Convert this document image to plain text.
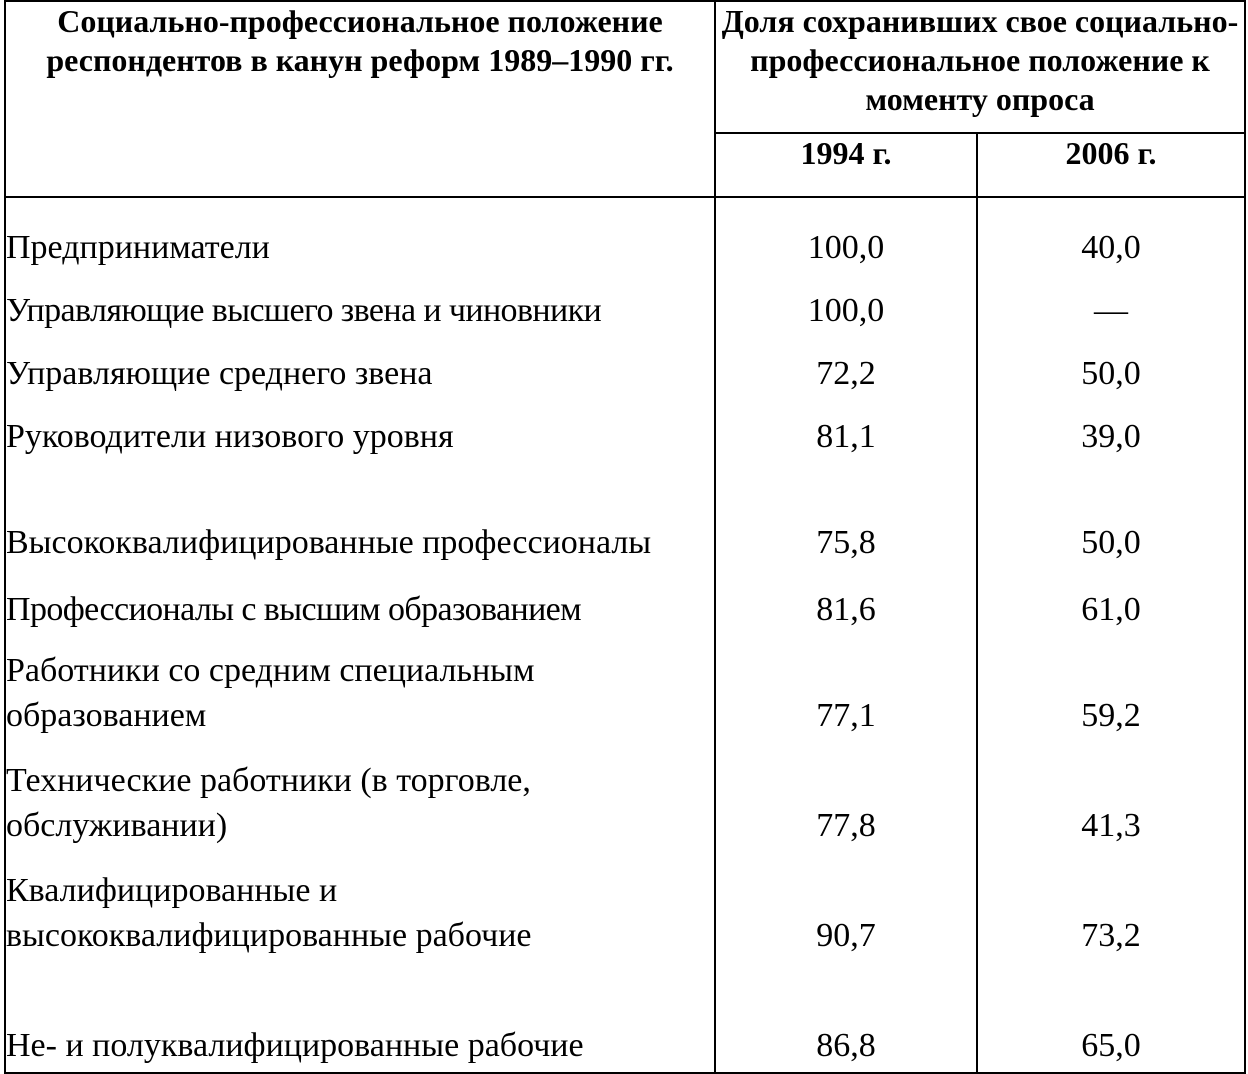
Социально-профессиональное положение респондентов в канун реформ 1989–1990 гг.	Доля сохранивших свое социально-профессиональное положение к моменту опроса	
	1994 г.	2006 г.
Предприниматели	100,0	40,0
Управляющие высшего звена и чиновники	100,0	—
Управляющие среднего звена	72,2	50,0
Руководители низового уровня	81,1	39,0
Высококвалифицированные профессионалы	75,8	50,0
Профессионалы с высшим образованием	81,6	61,0
Работники со средним специальным образованием	77,1	59,2
Технические работники (в торговле, обслуживании)	77,8	41,3
Квалифицированные и высококвалифицированные рабочие	90,7	73,2
Не- и полуквалифицированные рабочие	86,8	65,0
